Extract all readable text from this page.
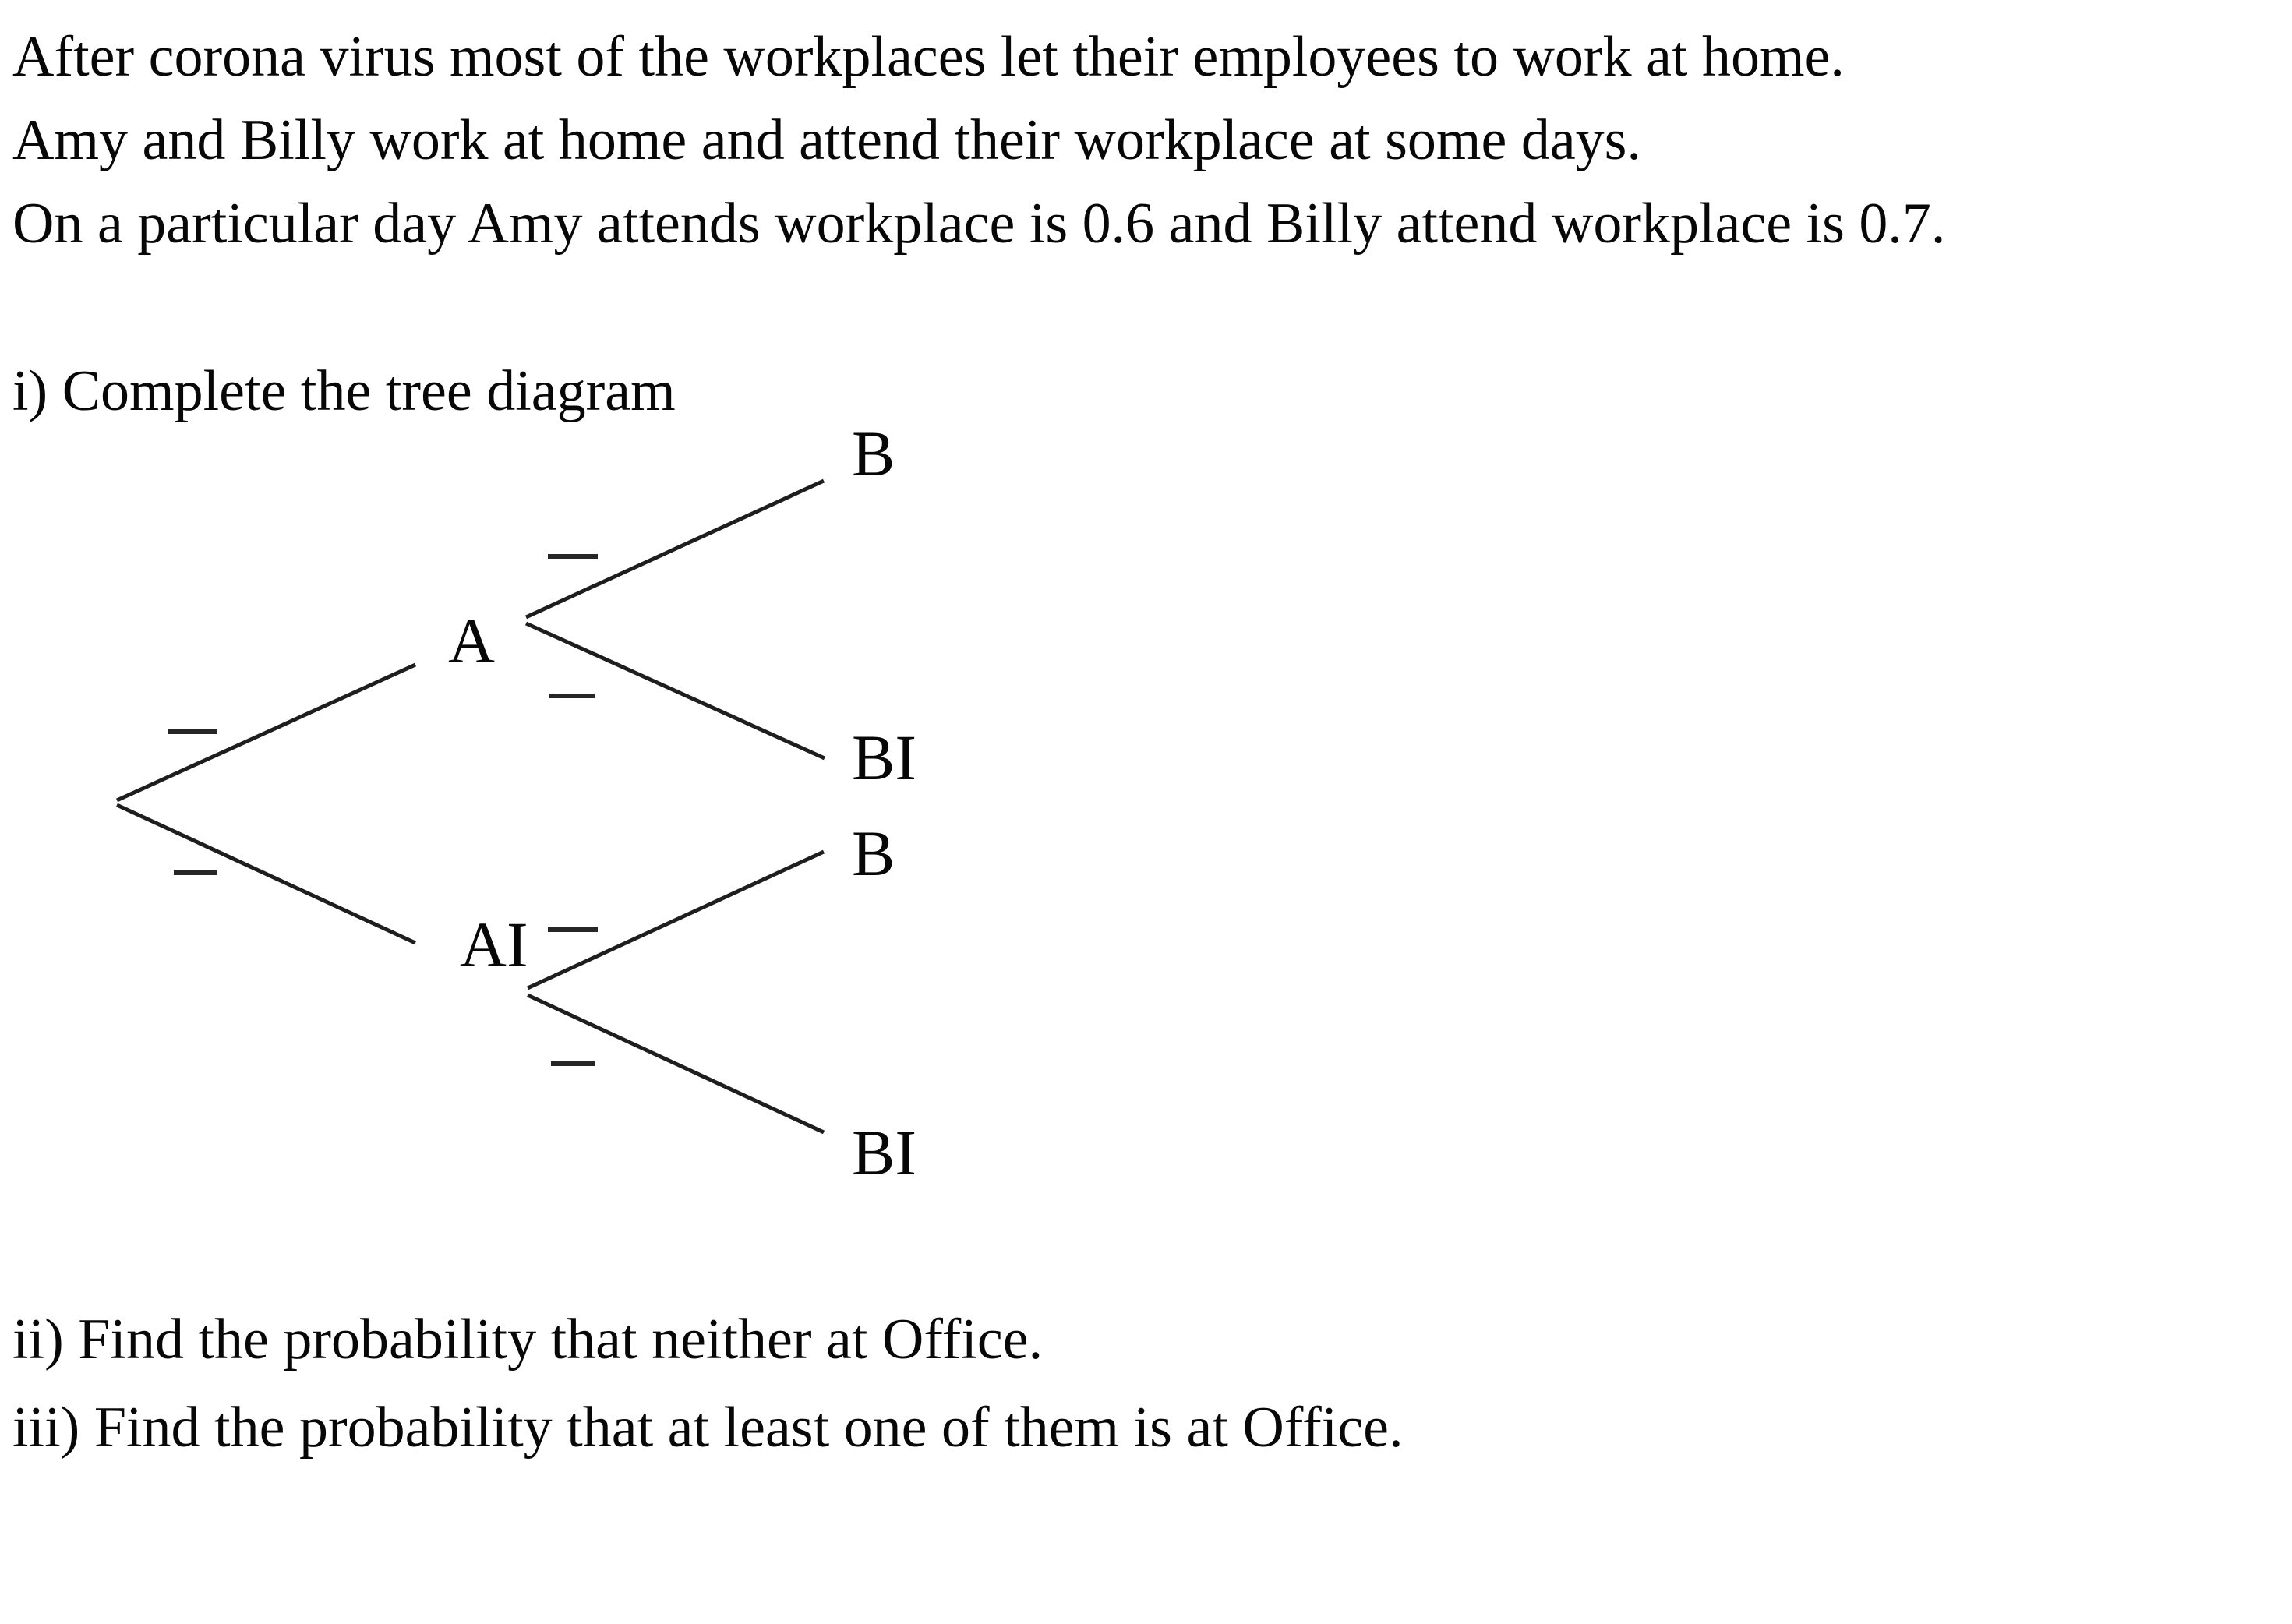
After corona virus most of the workplaces let their employees to work at home.
Amy and Billy work at home and attend their workplace at some days.
On a particular day Amy attends workplace is 0.6 and Billy attend workplace is 0.7.
i) Complete the tree diagram
A
AI
B
BI
B
BI
ii) Find the probability that neither at Office.
iii) Find the probability that at least one of them is at Office.
